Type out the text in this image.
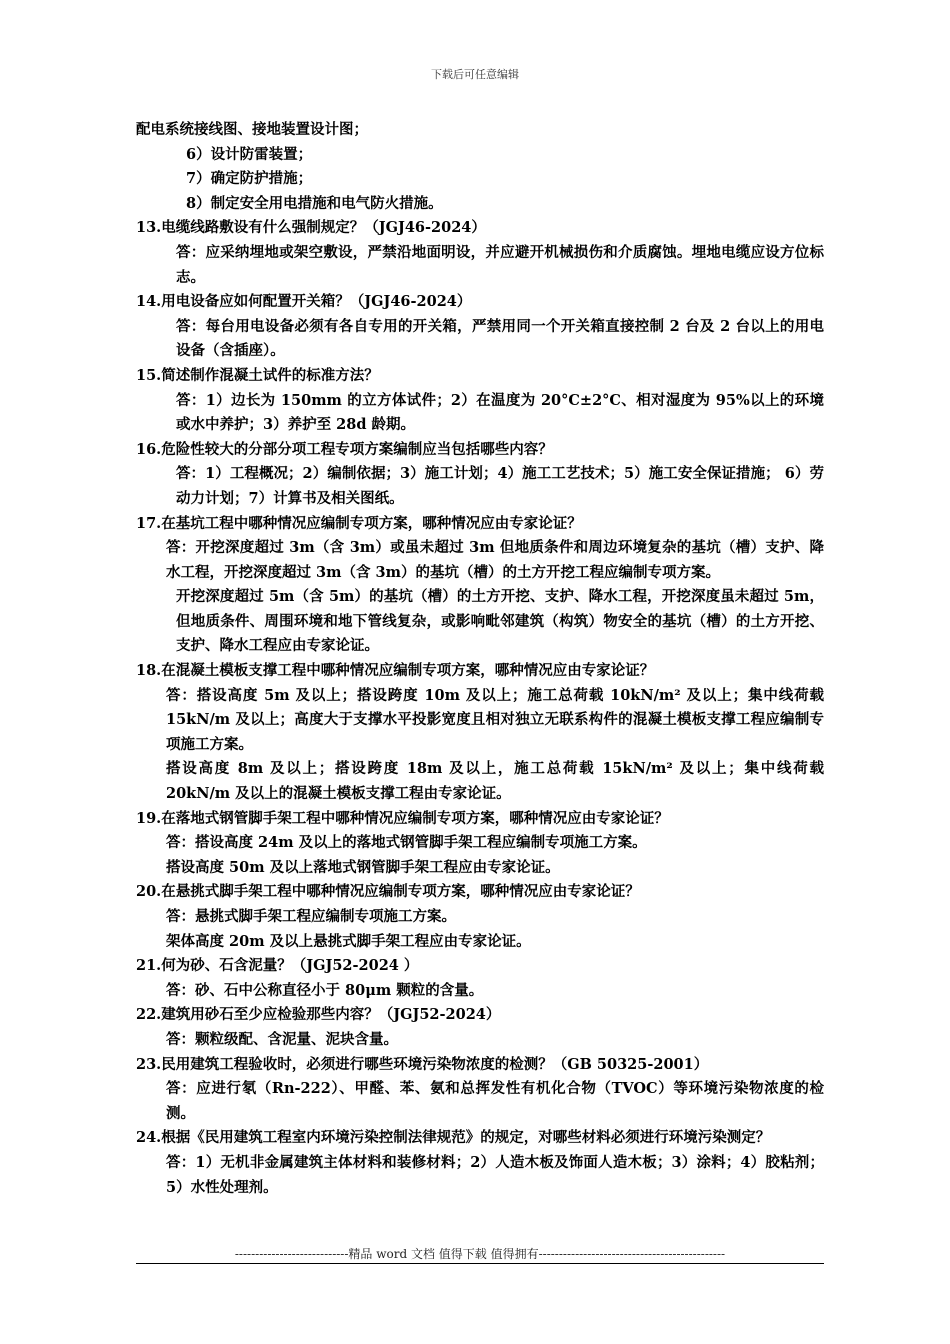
下载后可任意编辑
配电系统接线图、接地装置设计图；
6）设计防雷装置；
7）确定防护措施；
8）制定安全用电措施和电气防火措施。
13.电缆线路敷设有什么强制规定？（JGJ46-2024）
答：应采纳埋地或架空敷设，严禁沿地面明设，并应避开机械损伤和介质腐蚀。埋地电缆应设方位标志。
14.用电设备应如何配置开关箱？（JGJ46-2024）
答：每台用电设备必须有各自专用的开关箱，严禁用同一个开关箱直接控制 2 台及 2 台以上的用电设备（含插座）。
15.简述制作混凝土试件的标准方法？
答：1）边长为 150mm 的立方体试件；2）在温度为 20°C±2°C、相对湿度为 95%以上的环境或水中养护；3）养护至 28d 龄期。
16.危险性较大的分部分项工程专项方案编制应当包括哪些内容？
答：1）工程概况；2）编制依据；3）施工计划；4）施工工艺技术；5）施工安全保证措施； 6）劳动力计划；7）计算书及相关图纸。
17.在基坑工程中哪种情况应编制专项方案，哪种情况应由专家论证？
答：开挖深度超过 3m（含 3m）或虽未超过 3m 但地质条件和周边环境复杂的基坑（槽）支护、降水工程，开挖深度超过 3m（含 3m）的基坑（槽）的土方开挖工程应编制专项方案。
开挖深度超过 5m（含 5m）的基坑（槽）的土方开挖、支护、降水工程，开挖深度虽未超过 5m，但地质条件、周围环境和地下管线复杂，或影响毗邻建筑（构筑）物安全的基坑（槽）的土方开挖、支护、降水工程应由专家论证。
18.在混凝土模板支撑工程中哪种情况应编制专项方案，哪种情况应由专家论证？
答：搭设高度 5m 及以上；搭设跨度 10m 及以上；施工总荷载 10kN/m² 及以上；集中线荷载 15kN/m 及以上；高度大于支撑水平投影宽度且相对独立无联系构件的混凝土模板支撑工程应编制专项施工方案。
搭设高度 8m 及以上；搭设跨度 18m 及以上，施工总荷载 15kN/m² 及以上；集中线荷载 20kN/m 及以上的混凝土模板支撑工程由专家论证。
19.在落地式钢管脚手架工程中哪种情况应编制专项方案，哪种情况应由专家论证？
答：搭设高度 24m 及以上的落地式钢管脚手架工程应编制专项施工方案。
搭设高度 50m 及以上落地式钢管脚手架工程应由专家论证。
20.在悬挑式脚手架工程中哪种情况应编制专项方案，哪种情况应由专家论证？
答：悬挑式脚手架工程应编制专项施工方案。
架体高度 20m 及以上悬挑式脚手架工程应由专家论证。
21.何为砂、石含泥量？（JGJ52-2024 ）
答：砂、石中公称直径小于 80μm 颗粒的含量。
22.建筑用砂石至少应检验那些内容？（JGJ52-2024）
答：颗粒级配、含泥量、泥块含量。
23.民用建筑工程验收时，必须进行哪些环境污染物浓度的检测？（GB 50325-2001）
答：应进行氡（Rn-222）、甲醛、苯、氨和总挥发性有机化合物（TVOC）等环境污染物浓度的检测。
24.根据《民用建筑工程室内环境污染控制法律规范》的规定，对哪些材料必须进行环境污染测定？
答：1）无机非金属建筑主体材料和装修材料；2）人造木板及饰面人造木板；3）涂料；4）胶粘剂；5）水性处理剂。
----------------------------精品 word 文档 值得下载 值得拥有----------------------------------------------
